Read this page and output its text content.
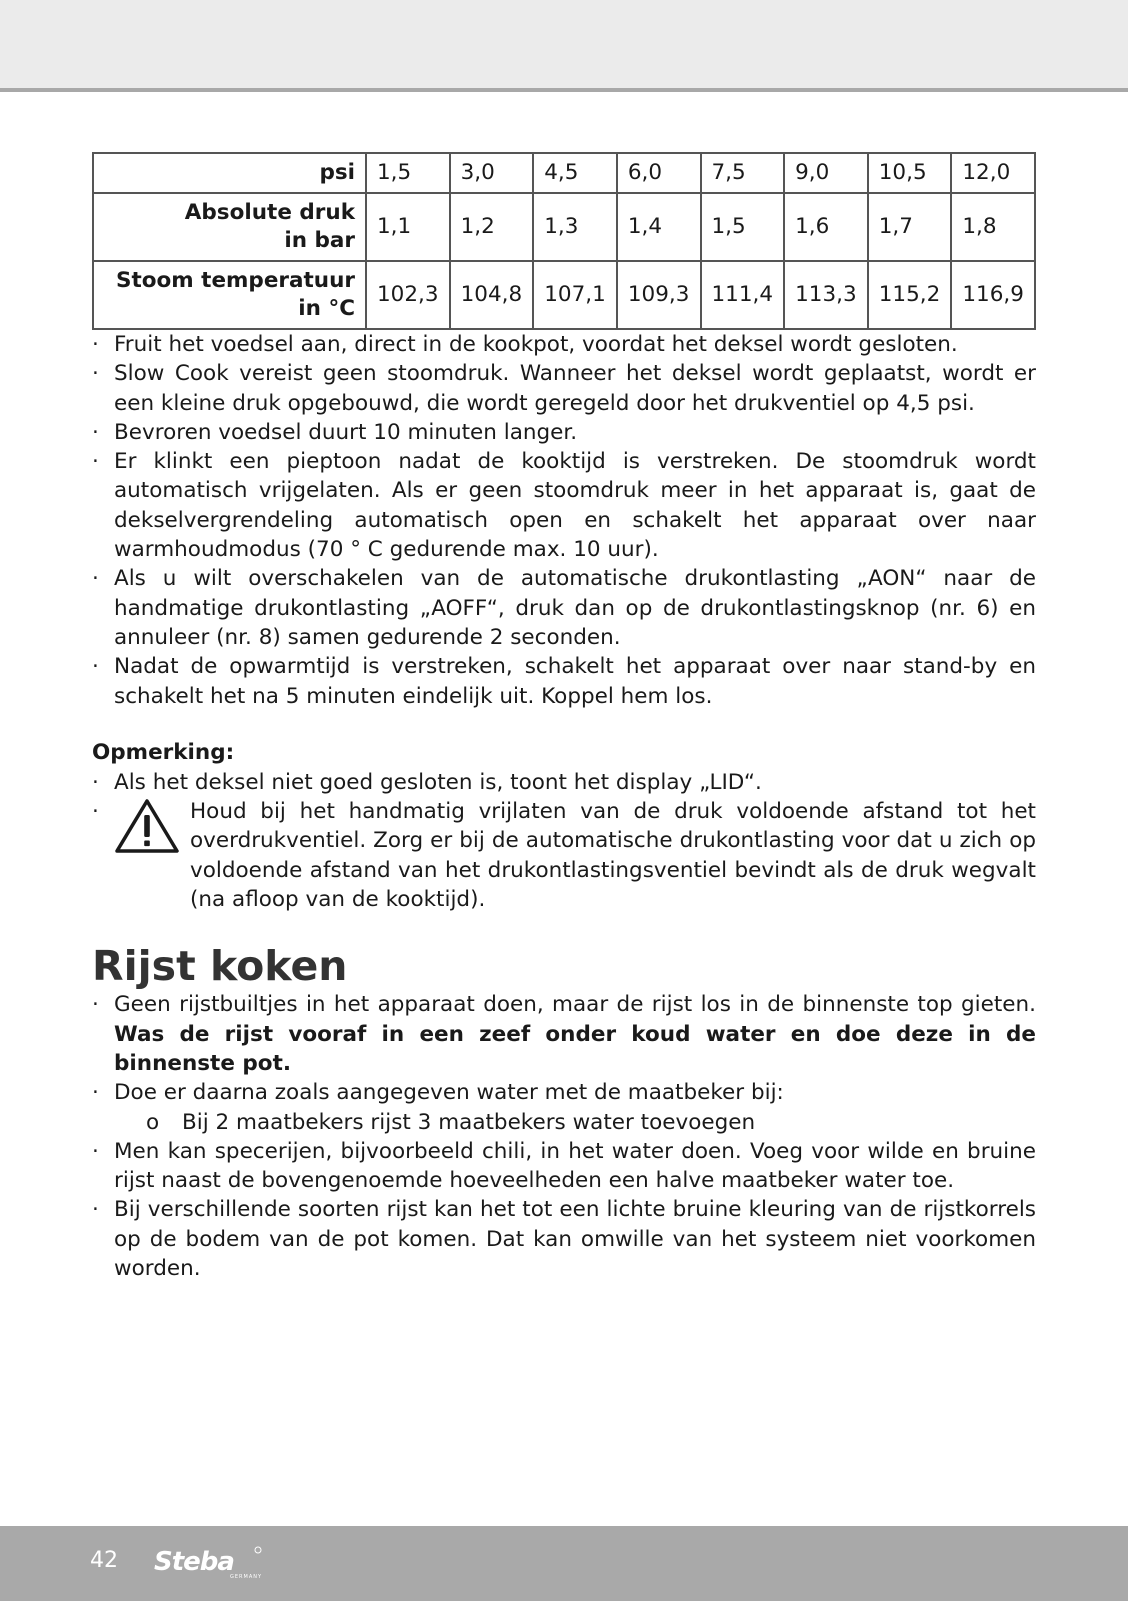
psi	1,5	3,0	4,5	6,0	7,5	9,0	10,5	12,0
Absolute druk
in bar	1,1	1,2	1,3	1,4	1,5	1,6	1,7	1,8
Stoom temperatuur
in °C	102,3	104,8	107,1	109,3	111,4	113,3	115,2	116,9
· Fruit het voedsel aan, direct in de kookpot, voordat het deksel wordt gesloten.
· Slow Cook vereist geen stoomdruk. Wanneer het deksel wordt geplaatst, wordt er een kleine druk opgebouwd, die wordt geregeld door het drukventiel op 4,5 psi.
· Bevroren voedsel duurt 10 minuten langer.
· Er klinkt een pieptoon nadat de kooktijd is verstreken. De stoomdruk wordt automatisch vrijgelaten. Als er geen stoomdruk meer in het apparaat is, gaat de dekselvergrendeling automatisch open en schakelt het apparaat over naar warmhoudmodus (70 ° C gedurende max. 10 uur).
· Als u wilt overschakelen van de automatische drukontlasting „AON“ naar de handmatige drukontlasting „AOFF“, druk dan op de drukontlastingsknop (nr. 6) en annuleer (nr. 8) samen gedurende 2 seconden.
· Nadat de opwarmtijd is verstreken, schakelt het apparaat over naar stand-by en schakelt het na 5 minuten eindelijk uit. Koppel hem los.
Opmerking:
· Als het deksel niet goed gesloten is, toont het display „LID“.
· Houd bij het handmatig vrijlaten van de druk voldoende afstand tot het overdrukventiel. Zorg er bij de automatische drukontlasting voor dat u zich op voldoende afstand van het drukontlastingsventiel bevindt als de druk wegvalt (na afloop van de kooktijd).
Rijst koken
· Geen rijstbuiltjes in het apparaat doen, maar de rijst los in de binnenste top gieten. Was de rijst vooraf in een zeef onder koud water en doe deze in de binnenste pot.
· Doe er daarna zoals aangegeven water met de maatbeker bij:
o Bij 2 maatbekers rijst 3 maatbekers water toevoegen
· Men kan specerijen, bijvoorbeeld chili, in het water doen. Voeg voor wilde en bruine rijst naast de bovengenoemde hoeveelheden een halve maatbeker water toe.
· Bij verschillende soorten rijst kan het tot een lichte bruine kleuring van de rijstkorrels op de bodem van de pot komen. Dat kan omwille van het systeem niet voorkomen worden.
42 Steba
GERMANY
